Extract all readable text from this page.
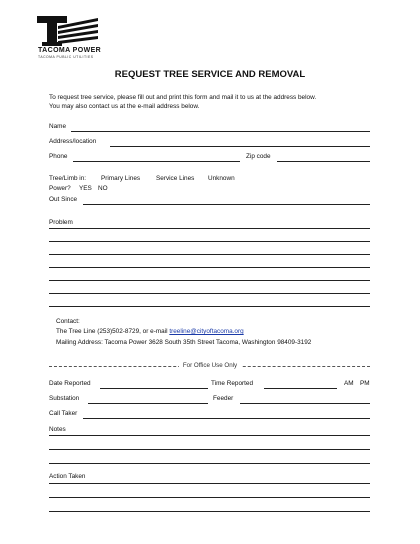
TACOMA POWER
TACOMA PUBLIC UTILITIES
REQUEST TREE SERVICE AND REMOVAL
To request tree service, please fill out and print this form and mail it to us at the address below.
You may also contact us at the e-mail address below.
Name
Address/location
Phone	Zip code
Tree/Limb in: Primary Lines Service Lines Unknown
Power? YES NO
Out Since
Problem
Contact:
The Tree Line (253)502-8729, or e-mail treeline@cityoftacoma.org
Mailing Address: Tacoma Power 3628 South 35th Street Tacoma, Washington 98409-3192
For Office Use Only
Date Reported	Time Reported	AM PM
Substation	Feeder
Call Taker
Notes
Action Taken
